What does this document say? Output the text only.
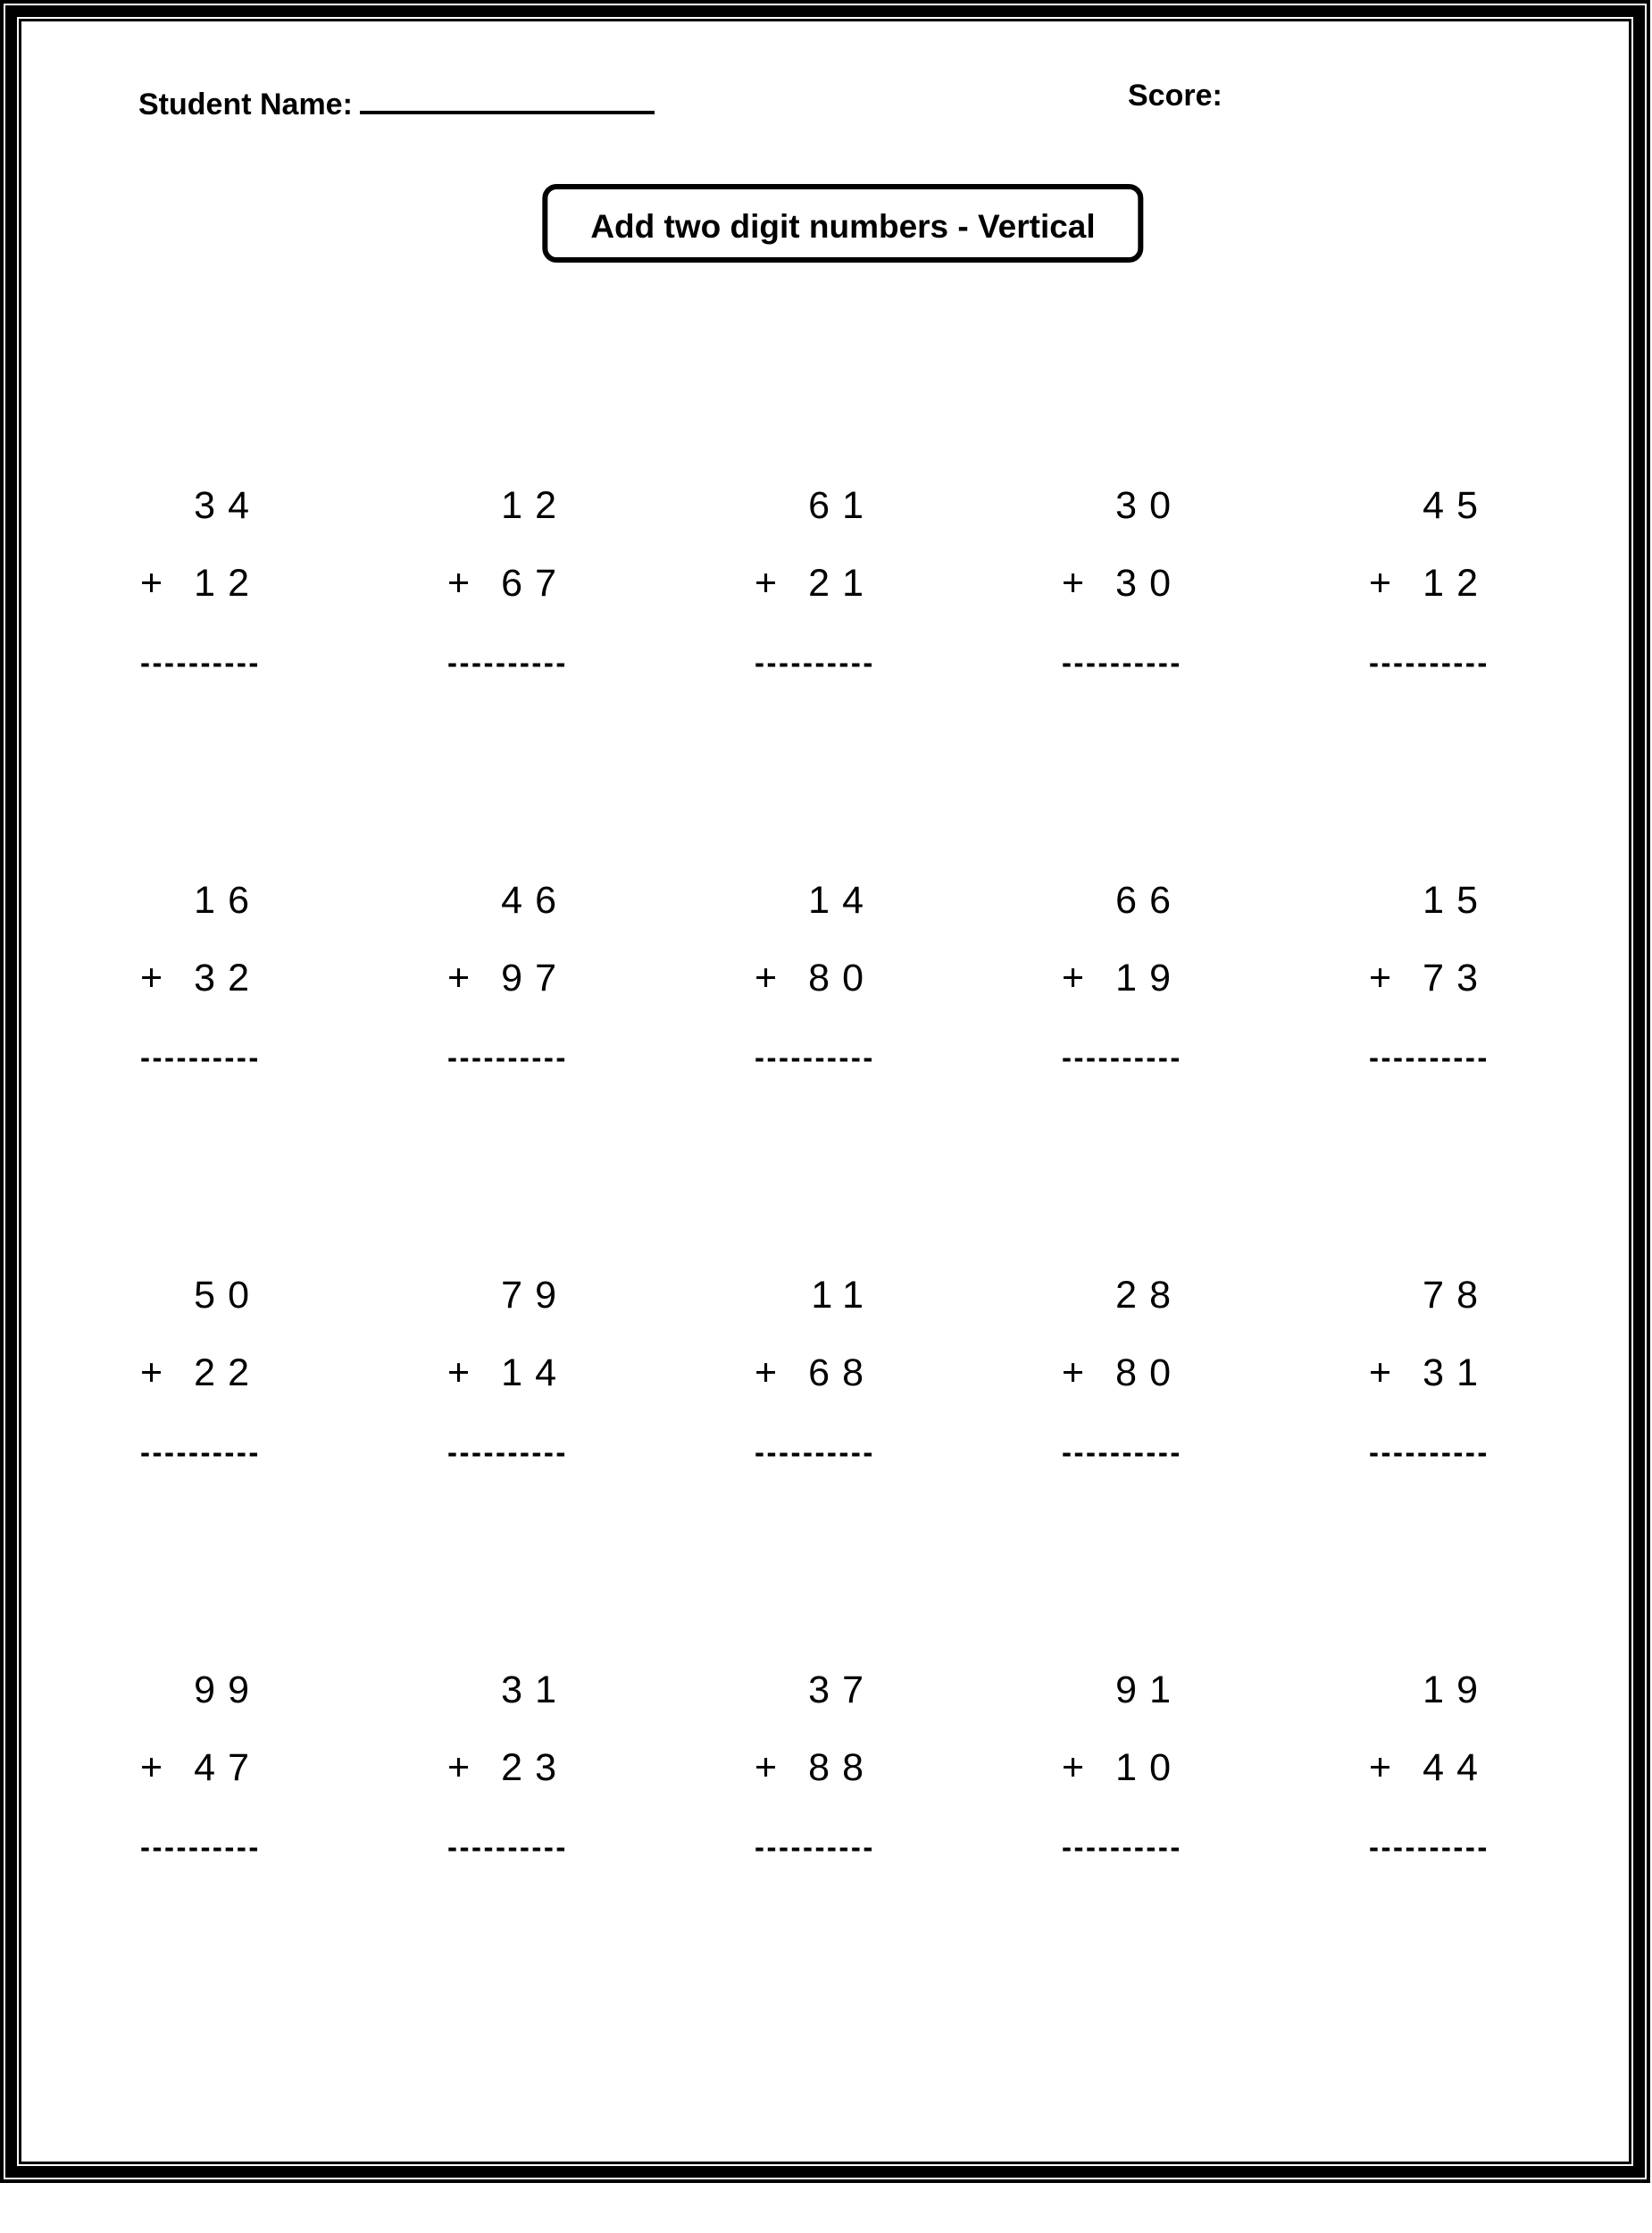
Student Name:	Score:
Add two digit numbers - Vertical
34
+ 12
----------
12
+ 67
----------
61
+ 21
----------
30
+ 30
----------
45
+ 12
----------
16
+ 32
----------
46
+ 97
----------
14
+ 80
----------
66
+ 19
----------
15
+ 73
----------
50
+ 22
----------
79
+ 14
----------
11
+ 68
----------
28
+ 80
----------
78
+ 31
----------
99
+ 47
----------
31
+ 23
----------
37
+ 88
----------
91
+ 10
----------
19
+ 44
----------
